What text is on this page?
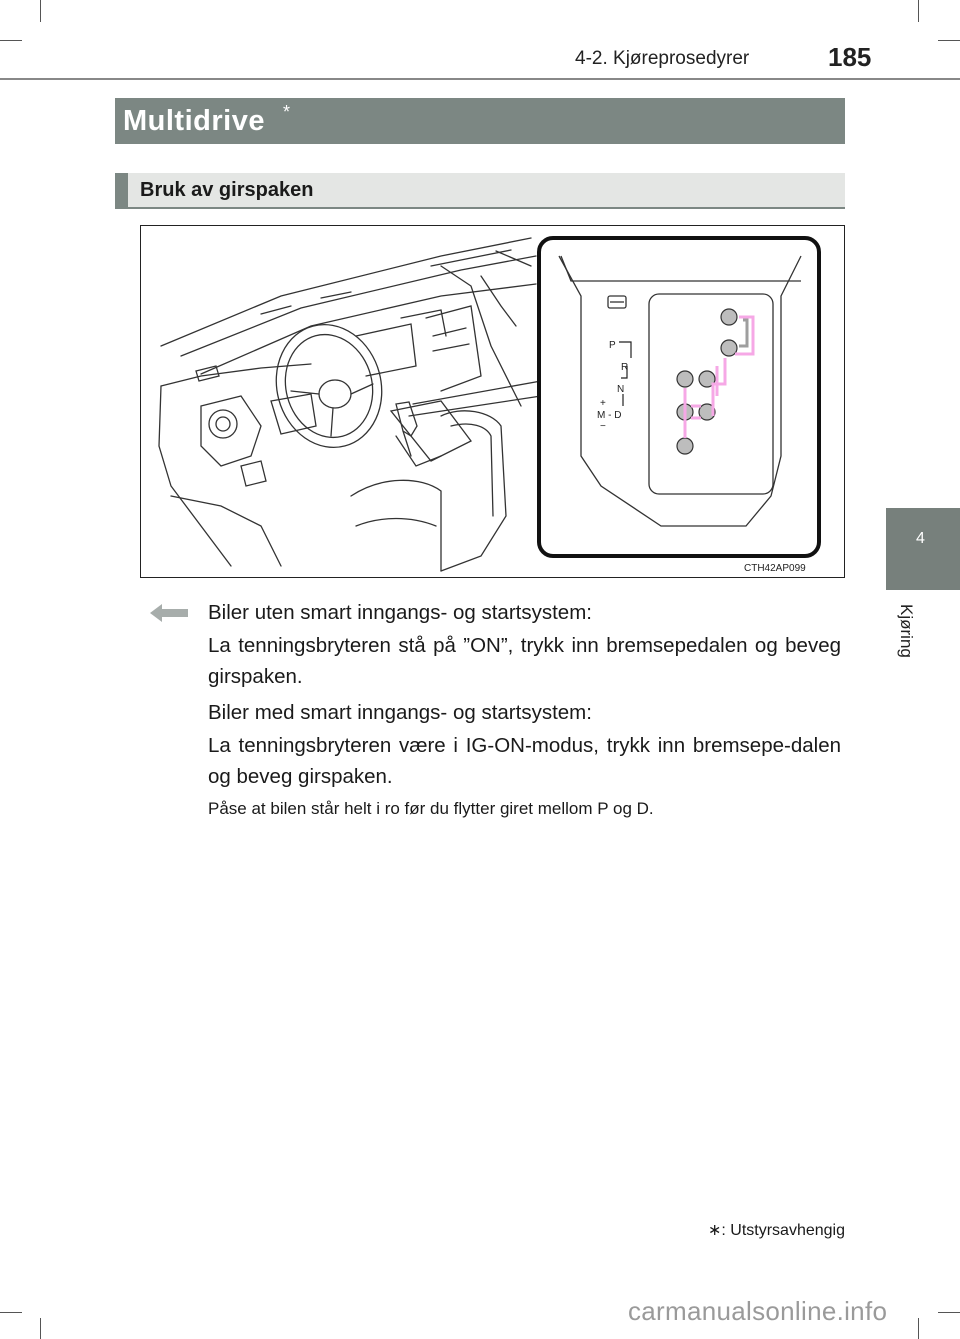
4-2. Kjøreprosedyrer	185
4
Kjøring
Multidrive *
Bruk av girspaken
P
R
N
+
M - D
−
CTH42AP099
Biler uten smart inngangs- og startsystem:
La tenningsbryteren stå på ”ON”, trykk inn bremsepedalen og beveg girspaken.
Biler med smart inngangs- og startsystem:
La tenningsbryteren være i IG-ON-modus, trykk inn bremsepe-dalen og beveg girspaken.
Påse at bilen står helt i ro før du flytter giret mellom P og D.
∗: Utstyrsavhengig
carmanualsonline.info
